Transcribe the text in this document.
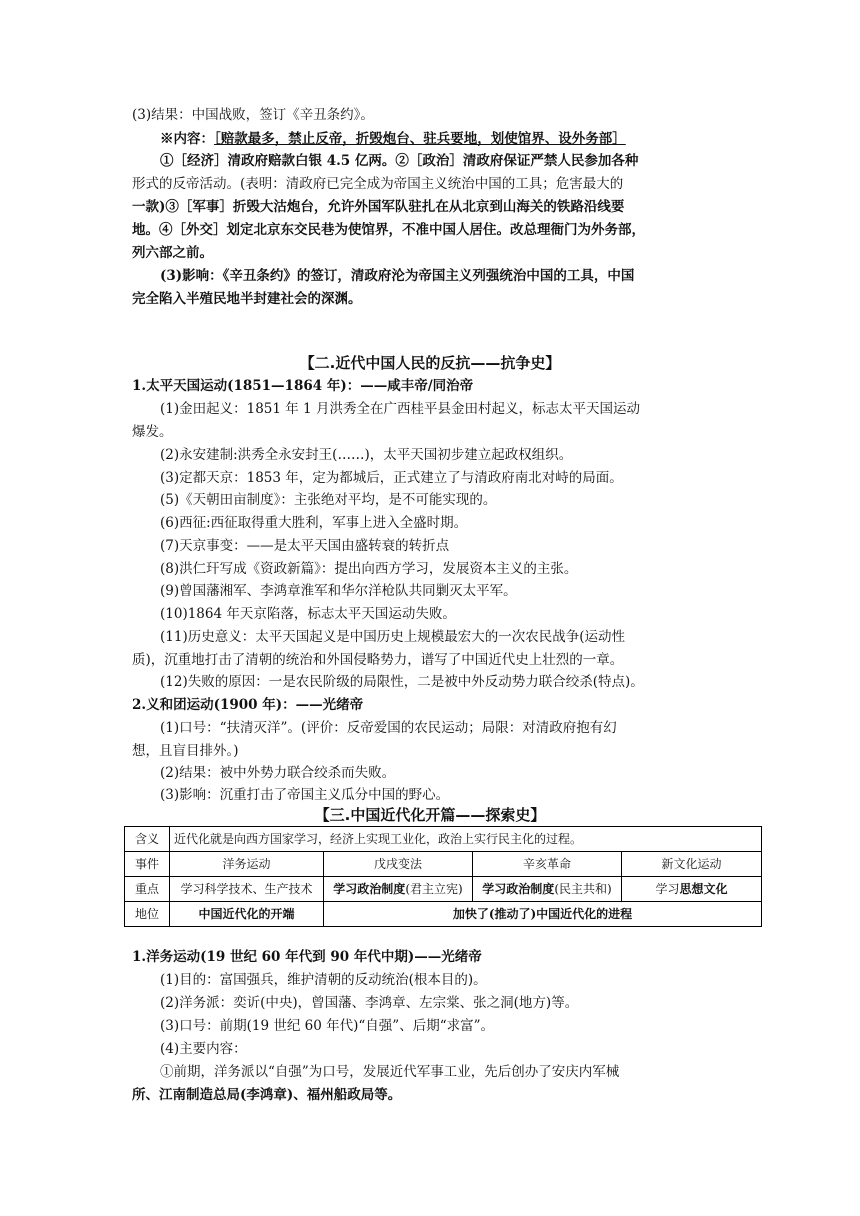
(3)结果：中国战败，签订《辛丑条约》。
※内容：［赔款最多，禁止反帝，折毁炮台、驻兵要地，划使馆界、设外务部］
①［经济］清政府赔款白银 4.5 亿两。②［政治］清政府保证严禁人民参加各种
形式的反帝活动。(表明：清政府已完全成为帝国主义统治中国的工具；危害最大的
一款)③［军事］折毁大沽炮台，允许外国军队驻扎在从北京到山海关的铁路沿线要
地。④［外交］划定北京东交民巷为使馆界，不准中国人居住。改总理衙门为外务部，
列六部之前。
(3)影响：《辛丑条约》的签订，清政府沦为帝国主义列强统治中国的工具，中国
完全陷入半殖民地半封建社会的深渊。
【二.近代中国人民的反抗——抗争史】
1.太平天国运动(1851—1864 年)：——咸丰帝/同治帝
(1)金田起义：1851 年 1 月洪秀全在广西桂平县金田村起义，标志太平天国运动
爆发。
(2)永安建制:洪秀全永安封王(……)，太平天国初步建立起政权组织。
(3)定都天京：1853 年，定为都城后，正式建立了与清政府南北对峙的局面。
(5)《天朝田亩制度》：主张绝对平均，是不可能实现的。
(6)西征:西征取得重大胜利，军事上进入全盛时期。
(7)天京事变：——是太平天国由盛转衰的转折点
(8)洪仁玕写成《资政新篇》：提出向西方学习，发展资本主义的主张。
(9)曾国藩湘军、李鸿章淮军和华尔洋枪队共同剿灭太平军。
(10)1864 年天京陷落，标志太平天国运动失败。
(11)历史意义：太平天国起义是中国历史上规模最宏大的一次农民战争(运动性
质)，沉重地打击了清朝的统治和外国侵略势力，谱写了中国近代史上壮烈的一章。
(12)失败的原因：一是农民阶级的局限性，二是被中外反动势力联合绞杀(特点)。
2.义和团运动(1900 年)：——光绪帝
(1)口号：“扶清灭洋”。(评价：反帝爱国的农民运动；局限：对清政府抱有幻
想，且盲目排外。)
(2)结果：被中外势力联合绞杀而失败。
(3)影响：沉重打击了帝国主义瓜分中国的野心。
【三.中国近代化开篇——探索史】
含义	近代化就是向西方国家学习，经济上实现工业化，政治上实行民主化的过程。			
事件	洋务运动	戊戌变法	辛亥革命	新文化运动
重点	学习科学技术、生产技术	学习政治制度(君主立宪)	学习政治制度(民主共和)	学习思想文化
地位	中国近代化的开端	加快了(推动了)中国近代化的进程		
1.洋务运动(19 世纪 60 年代到 90 年代中期)——光绪帝
(1)目的：富国强兵，维护清朝的反动统治(根本目的)。
(2)洋务派：奕䜣(中央)，曾国藩、李鸿章、左宗棠、张之洞(地方)等。
(3)口号：前期(19 世纪 60 年代)“自强”、后期“求富”。
(4)主要内容：
①前期，洋务派以“自强”为口号，发展近代军事工业，先后创办了安庆内军械
所、江南制造总局(李鸿章)、福州船政局等。
